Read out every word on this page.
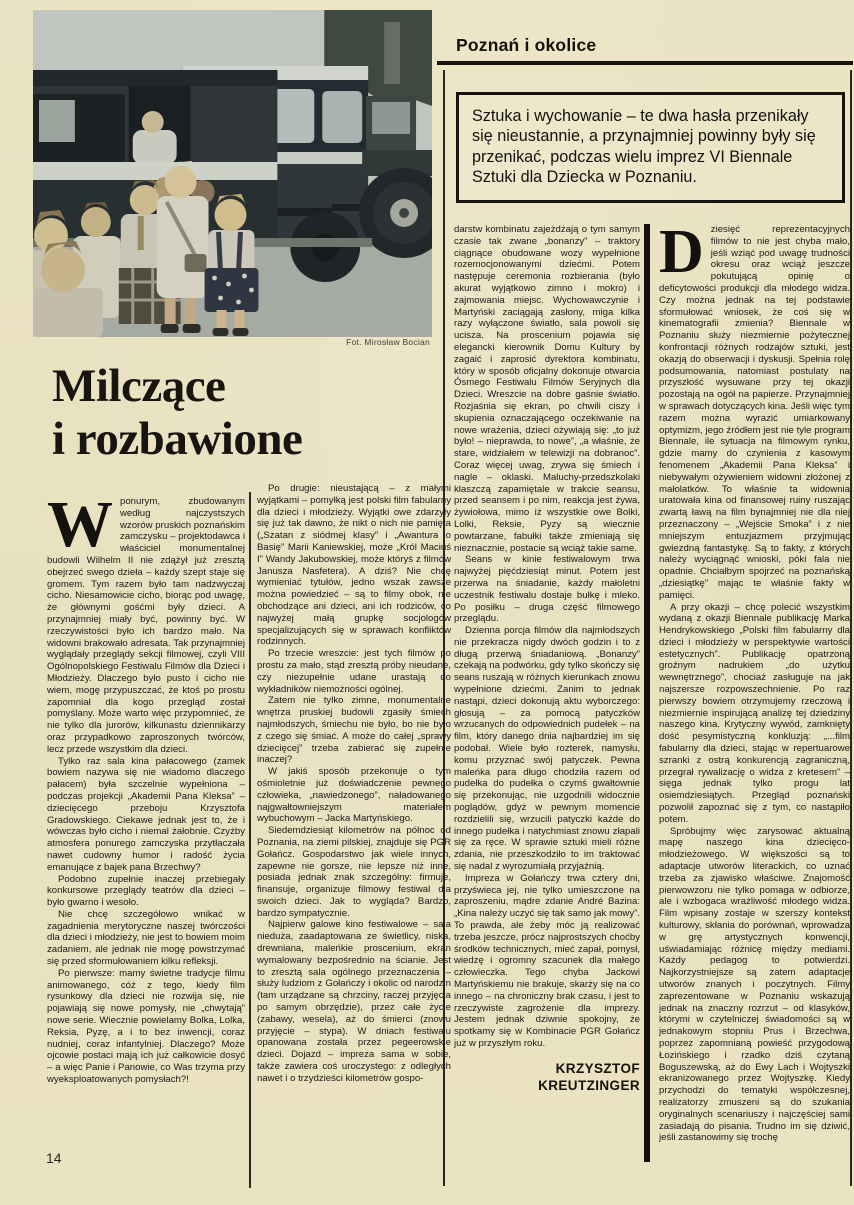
Fot. Mirosław Bocian
Poznań i okolice

Sztuka i wychowanie – te dwa hasła przenikały się nieustannie, a przynajmniej powinny były się przenikać, podczas wielu imprez VI Biennale Sztuki dla Dziecka w Poznaniu.

Milczące
i rozbawione
W ponurym, zbudowanym według najczystszych wzorów pruskich poznańskim zamczysku – projektodawca i właściciel monumentalnej budowli Wilhelm II nie zdążył już zresztą obejrzeć swego dzieła – każdy szept staje się gromem. Tym razem było tam nadzwyczaj cicho. Niesamowicie cicho, biorąc pod uwagę, że głównymi gośćmi były dzieci. A przynajmniej miały być, powinny być. W rzeczywistości było ich bardzo mało. Na widowni brakowało adresata. Tak przynajmniej wyglądały przeglądy sekcji filmowej, czyli VIII Ogólnopolskiego Festiwalu Filmów dla Dzieci i Młodzieży. Dlaczego było pusto i cicho nie wiem, mogę przypuszczać, że ktoś po prostu zapomniał dla kogo przegląd został pomyślany. Może warto więc przypomnieć, że nie tylko dla jurorów, kilkunastu dziennikarzy oraz przypadkowo zaproszonych twórców, lecz przede wszystkim dla dzieci.

Tylko raz sala kina pałacowego (zamek bowiem nazywa się nie wiadomo dlaczego pałacem) była szczelnie wypełniona – podczas projekcji „Akademii Pana Kleksa” – dziecięcego przeboju Krzysztofa Gradowskiego. Ciekawe jednak jest to, że i wówczas było cicho i niemal żałobnie. Czyżby atmosfera ponurego zamczyska przytłaczała nawet cudowny humor i radość życia emanujące z bajek pana Brzechwy?

Podobno zupełnie inaczej przebiegały konkursowe przeglądy teatrów dla dzieci – było gwarno i wesoło.

Nie chcę szczegółowo wnikać w zagadnienia merytoryczne naszej twórczości dla dzieci i młodzieży, nie jest to bowiem moim zadaniem, ale jednak nie mogę powstrzymać się przed sformułowaniem kilku refleksji.

Po pierwsze: mamy świetne tradycje filmu animowanego, cóż z tego, kiedy film rysunkowy dla dzieci nie rozwija się, nie pojawiają się nowe pomysły, nie „chwytają” nowe serie. Wiecznie powielamy Bolka, Lolka, Reksia, Pyzę, a i to bez inwencji, coraz nudniej, coraz infantylniej. Dlaczego? Może ojcowie postaci mają ich już całkowicie dosyć – a więc Panie i Panowie, co Was trzyma przy wyeksploatowanych pomysłach?!

Po drugie: nieustającą – z małymi wyjątkami – pomyłką jest polski film fabularny dla dzieci i młodzieży. Wyjątki owe zdarzyły się już tak dawno, że nikt o nich nie pamięta („Szatan z siódmej klasy” i „Awantura o Basię” Marii Kaniewskiej, może „Król Maciuś I” Wandy Jakubowskiej, może któryś z filmów Janusza Nasfetera). A dziś? Nie chcę wymieniać tytułów, jedno wszak zawsze można powiedzieć – są to filmy obok, nie obchodzące ani dzieci, ani ich rodziców, co najwyżej małą grupkę socjologów specjalizujących się w sprawach konfliktów rodzinnych.

Po trzecie wreszcie: jest tych filmów po prostu za mało, stąd zresztą próby nieudane, czy niezupełnie udane urastają do wykładników niemożności ogólnej.

Zatem nie tylko zimne, monumentalne wnętrza pruskiej budowli zgasiły śmiech najmłodszych, śmiechu nie było, bo nie było z czego się śmiać. A może do całej „sprawy dziecięcej” trzeba zabierać się zupełnie inaczej?

W jakiś sposób przekonuje o tym ośmioletnie już doświadczenie pewnego człowieka, „nawiedzonego”, naładowanego najgwałtowniejszym materiałem wybuchowym – Jacka Martyńskiego.

Siedemdziesiąt kilometrów na północ od Poznania, na ziemi pilskiej, znajduje się PGR Gołańcz. Gospodarstwo jak wiele innych, zapewne nie gorsze, nie lepsze niż inne, posiada jednak znak szczególny: firmuje, finansuje, organizuje filmowy festiwal dla swoich dzieci. Jak to wygląda? Bardzo, bardzo sympatycznie.

Najpierw galowe kino festiwalowe – sala nieduża, zaadaptowana ze świetlicy, niska, drewniana, maleńkie proscenium, ekran wymalowany bezpośrednio na ścianie. Jest to zresztą sala ogólnego przeznaczenia – służy ludziom z Gołańczy i okolic od narodzin (tam urządzane są chrzciny, raczej przyjęcia po samym obrzędzie), przez całe życie (zabawy, wesela), aż do śmierci (znowu przyjęcie – stypa). W dniach festiwalu opanowana została przez pegeerowskie dzieci. Dojazd – impreza sama w sobie, także zawiera coś uroczystego: z odległych nawet i o trzydzieści kilometrów gospo-

darstw kombinatu zajeżdżają o tym samym czasie tak zwane „bonanzy” – traktory ciągnące obudowane wozy wypełnione rozemocjonowanymi dziećmi. Potem następuje ceremonia rozbierania (było akurat wyjątkowo zimno i mokro) i zajmowania miejsc. Wychowawczynie i Martyński zaciągają zasłony, miga kilka razy wyłączone światło, sala powoli się ucisza. Na proscenium pojawia się elegancki kierownik Domu Kultury by zagaić i zaprosić dyrektora kombinatu, który w sposób oficjalny dokonuje otwarcia Ósmego Festiwalu Filmów Seryjnych dla Dzieci. Wreszcie na dobre gaśnie światło. Rozjaśnia się ekran, po chwili ciszy i skupienia oznaczającego oczekiwanie na nowe wrażenia, dzieci ożywiają się: „to już było! – nieprawda, to nowe”, „a właśnie, że stare, widziałem w telewizji na dobranoc”. Coraz więcej uwag, zrywa się śmiech i nagle – oklaski. Maluchy-przedszkolaki klaszczą zapamiętale w trakcie seansu, przed seansem i po nim, reakcja jest żywa, żywiołowa, mimo iż wszystkie owe Bolki, Lolki, Reksie, Pyzy są wiecznie powtarzane, fabułki także zmieniają się nieznacznie, postacie są wciąż takie same.

Seans w kinie festiwalowym trwa najwyżej pięćdziesiąt minut. Potem jest przerwa na śniadanie, każdy małoletni uczestnik festiwalu dostaje bułkę i mleko. Po posiłku – druga część filmowego przeglądu.

Dzienna porcja filmów dla najmłodszych nie przekracza nigdy dwóch godzin i to z długą przerwą śniadaniową. „Bonanzy” czekają na podwórku, gdy tylko skończy się seans ruszają w różnych kierunkach znowu wypełnione dziećmi. Zanim to jednak nastąpi, dzieci dokonują aktu wyborczego: głosują – za pomocą patyczków wrzucanych do odpowiednich pudełek – na film, który danego dnia najbardziej im się podobał. Wiele było rozterek, namysłu, komu przyznać swój patyczek. Pewna maleńka para długo chodziła razem od pudełka do pudełka o czymś gwałtownie się przekonując, nie uzgodnili widocznie poglądów, gdyż w pewnym momencie rozdzielili się, wrzucili patyczki każde do innego pudełka i natychmiast znowu złapali się za ręce. W sprawie sztuki mieli różne zdania, nie przeszkodziło to im traktować się nadal z wyrozumiałą przyjaźnią.

Impreza w Gołańczy trwa cztery dni, przyświeca jej, nie tylko umieszczone na zaproszeniu, mądre zdanie André Bazina: „Kina należy uczyć się tak samo jak mowy”. To prawda, ale żeby móc ją realizować trzeba jeszcze, prócz najprostszych choćby środków technicznych, mieć zapał, pomysł, wiedzę i ogromny szacunek dla małego człowieczka. Tego chyba Jackowi Martyńskiemu nie brakuje, skarży się na co innego – na chroniczny brak czasu, i jest to rzeczywiste zagrożenie dla imprezy. Jestem jednak dziwnie spokojny, że spotkamy się w Kombinacie PGR Gołańcz już w przyszłym roku.

KRZYSZTOF
KREUTZINGER
D ziesięć reprezentacyjnych filmów to nie jest chyba mało, jeśli wziąć pod uwagę trudności okresu oraz wciąż jeszcze pokutującą opinię o deficytowości produkcji dla młodego widza. Czy można jednak na tej podstawie sformułować wniosek, że coś się w kinematografii zmienia? Biennale w Poznaniu służy niezmiernie pożytecznej konfrontacji różnych rodzajów sztuki, jest okazją do obserwacji i dyskusji. Spełnia rolę podsumowania, natomiast postulaty na przyszłość wysuwane przy tej okazji pozostają na ogół na papierze. Przynajmniej w sprawach dotyczących kina. Jeśli więc tym razem można wyrazić umiarkowany optymizm, jego źródłem jest nie tyle program Biennale, ile sytuacja na filmowym rynku, gdzie mamy do czynienia z kasowym fenomenem „Akademii Pana Kleksa” i niebywałym ożywieniem widowni złożonej z małolatków. To właśnie ta widownia uratowała kina od finansowej ruiny ruszając zwartą ławą na film bynajmniej nie dla niej przeznaczony – „Wejście Smoka” i z nie mniejszym entuzjazmem przyjmując gwiezdną fantastykę. Są to fakty, z których należy wyciągnąć wnioski, póki fala nie opadnie. Chciałbym spojrzeć na poznańską „dziesiątkę” mając te właśnie fakty w pamięci.

A przy okazji – chcę polecić wszystkim wydaną z okazji Biennale publikację Marka Hendrykowskiego „Polski film fabularny dla dzieci i młodzieży w perspektywie wartości estetycznych”. Publikację opatrzoną groźnym nadrukiem „do użytku wewnętrznego”, chociaż zasługuje na jak najszersze rozpowszechnienie. Po raz pierwszy bowiem otrzymujemy rzeczową i niezmiernie inspirującą analizę tej dziedziny naszego kina. Krytyczny wywód, zamknięty dość pesymistyczną konkluzją: „...film fabularny dla dzieci, stając w repertuarowe szranki z ostrą konkurencją zagraniczną, przegrał rywalizację o widza z kretesem” – sięga jednak tylko progu lat osiemdziesiątych. Przegląd poznański pozwolił zapoznać się z tym, co nastąpiło potem.

Spróbujmy więc zarysować aktualną mapę naszego kina dziecięco-młodzieżowego. W większości są to adaptacje utworów literackich, co uznać trzeba za zjawisko właściwe. Znajomość pierwowzoru nie tylko pomaga w odbiorze, ale i wzbogaca wrażliwość młodego widza. Film wpisany zostaje w szerszy kontekst kulturowy, skłania do porównań, wprowadza w grę artystycznych konwencji, uświadamiając różnicę między mediami. Każdy pedagog to potwierdzi. Najkorzystniejsze są zatem adaptacje utworów znanych i poczytnych. Filmy zaprezentowane w Poznaniu wskazują jednak na znaczny rozrzut – od klasyków, którymi w czytelniczej świadomości są w jednakowym stopniu Prus i Brzechwa, poprzez zapomnianą powieść przygodową Łozińskiego i rzadko dziś czytaną Boguszewską, aż do Ewy Lach i Wojtyszki ekranizowanego przez Wojtyszkę. Kiedy przychodzi do tematyki współczesnej, realizatorzy zmuszeni są do szukania oryginalnych scenariuszy i najczęściej sami zasiadają do pisania. Trudno im się dziwić, jeśli zastanowimy się trochę

14
